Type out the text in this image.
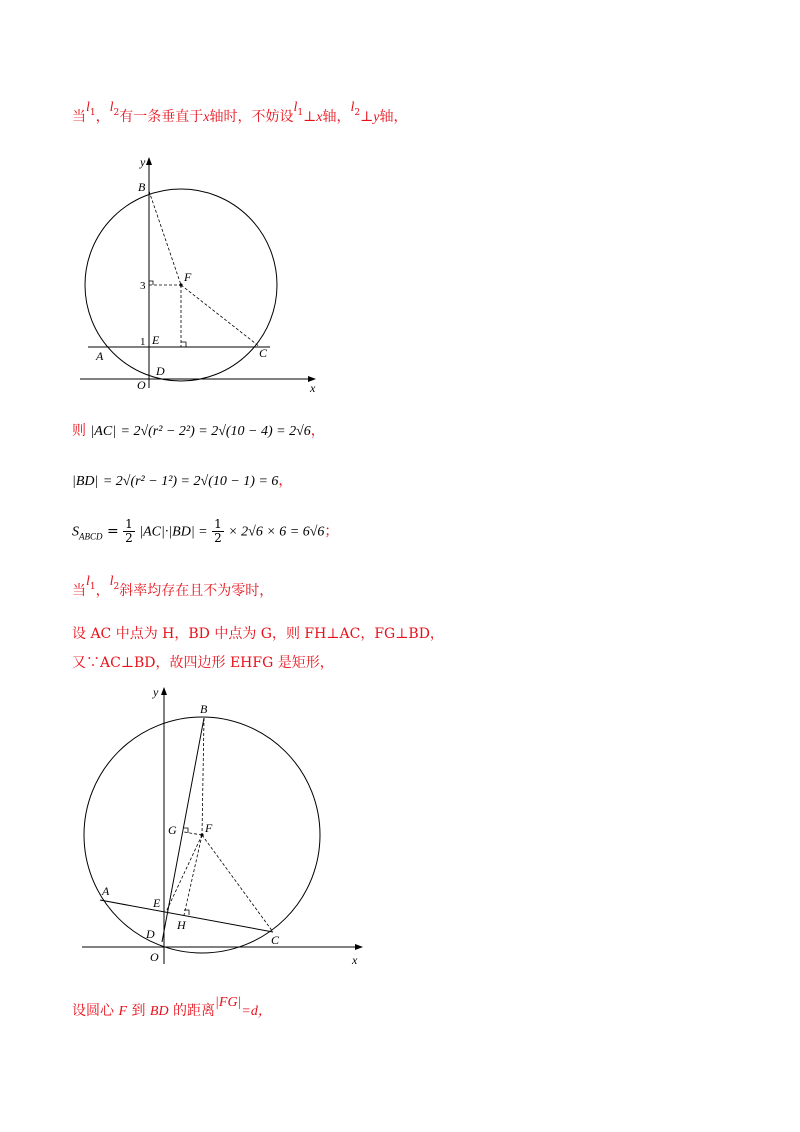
当$l_1$，$l_2$有一条垂直于x轴时，不妨设$l_1\perp x$轴，$l_2\perp y$轴，
y
x
B
F
3
1 E
A	C
O
D
则 |AC| = 2√(r² − 2²) = 2√(10 − 4) = 2√6，
|BD| = 2√(r² − 1²) = 2√(10 − 1) = 6，
$S_{ABCD} = \frac{1}{2} |AC|\cdot|BD| = \frac{1}{2} \times 2√6 \times 6 = 6√6$；
当$l_1$，$l_2$斜率均存在且不为零时，
设 AC 中点为 H，BD 中点为 G，则 FH⊥AC，FG⊥BD，
又∵AC⊥BD，故四边形 EHFG 是矩形，
y
x
B
G F
A
E
H
C
D
O
设圆心 F 到 BD 的距离|FG|=d，
